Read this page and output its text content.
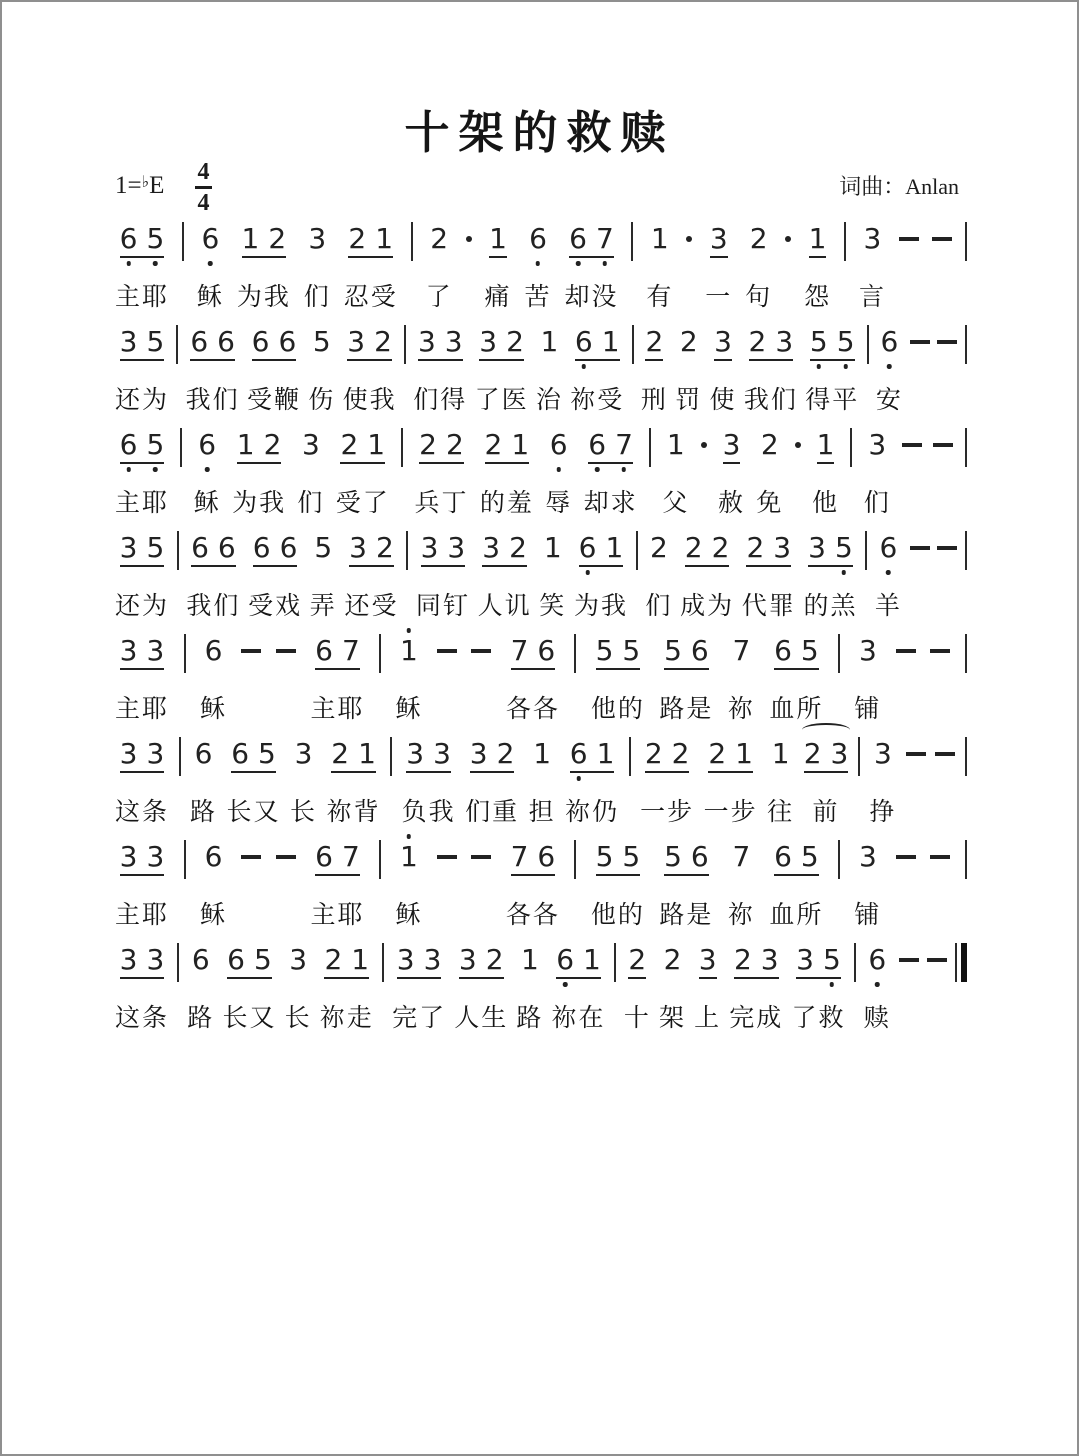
十架的救赎
1=♭E 4
4
词曲：Anlan
6 5
主耶
6
稣
1 2
为我
3
们
2 1
忍受
2
了
1
痛
6
苦
6 7
却没
1
有
3
一
2
句
1
怨
3
言
3 5
还为
6 6
我们
6 6
受鞭
5
伤
3 2
使我
3 3
们得
3 2
了医
1
治
6 1
祢受
2
刑
2
罚
3
使
2 3
我们
5 5
得平
6
安
6 5
主耶
6
稣
1 2
为我
3
们
2 1
受了
2 2
兵丁
2 1
的羞
6
辱
6 7
却求
1
父
3
赦
2
免
1
他
3
们
3 5
还为
6 6
我们
6 6
受戏
5
弄
3 2
还受
3 3
同钉
3 2
人讥
1
笑
6 1
为我
2
们
2 2
成为
2 3
代罪
3 5
的羔
6
羊
3 3
主耶
6
稣
6 7
主耶
1
稣
7 6
各各
5 5
他的
5 6
路是
7
祢
6 5
血所
3
铺
3 3
这条
6
路
6 5
长又
3
长
2 1
祢背
3 3
负我
3 2
们重
1
担
6 1
祢仍
2 2
一步
2 1
一步
1
往
2 3
前
3
挣
3 3
主耶
6
稣
6 7
主耶
1
稣
7 6
各各
5 5
他的
5 6
路是
7
祢
6 5
血所
3
铺
3 3
这条
6
路
6 5
长又
3
长
2 1
祢走
3 3
完了
3 2
人生
1
路
6 1
祢在
2
十
2
架
3
上
2 3
完成
3 5
了救
6
赎
